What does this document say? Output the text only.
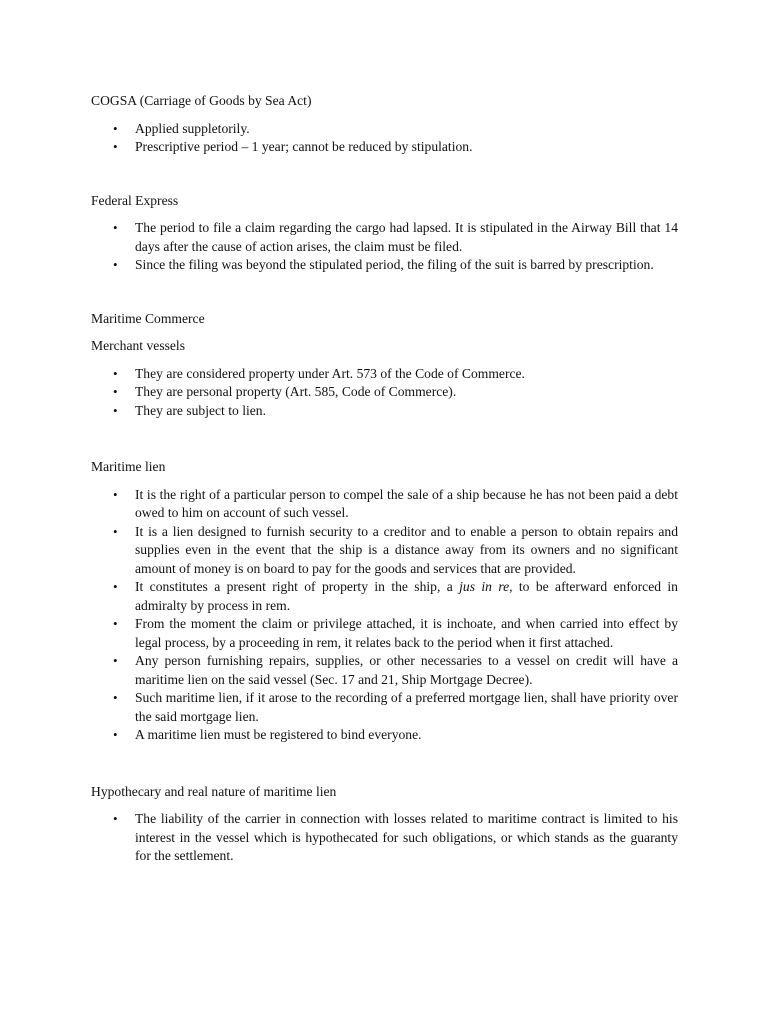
COGSA (Carriage of Goods by Sea Act)
• Applied suppletorily.
• Prescriptive period – 1 year; cannot be reduced by stipulation.
Federal Express
• The period to file a claim regarding the cargo had lapsed. It is stipulated in the Airway Bill that 14 days after the cause of action arises, the claim must be filed.
• Since the filing was beyond the stipulated period, the filing of the suit is barred by prescription.
Maritime Commerce
Merchant vessels
• They are considered property under Art. 573 of the Code of Commerce.
• They are personal property (Art. 585, Code of Commerce).
• They are subject to lien.
Maritime lien
• It is the right of a particular person to compel the sale of a ship because he has not been paid a debt owed to him on account of such vessel.
• It is a lien designed to furnish security to a creditor and to enable a person to obtain repairs and supplies even in the event that the ship is a distance away from its owners and no significant amount of money is on board to pay for the goods and services that are provided.
• It constitutes a present right of property in the ship, a jus in re, to be afterward enforced in admiralty by process in rem.
• From the moment the claim or privilege attached, it is inchoate, and when carried into effect by legal process, by a proceeding in rem, it relates back to the period when it first attached.
• Any person furnishing repairs, supplies, or other necessaries to a vessel on credit will have a maritime lien on the said vessel (Sec. 17 and 21, Ship Mortgage Decree).
• Such maritime lien, if it arose to the recording of a preferred mortgage lien, shall have priority over the said mortgage lien.
• A maritime lien must be registered to bind everyone.
Hypothecary and real nature of maritime lien
• The liability of the carrier in connection with losses related to maritime contract is limited to his interest in the vessel which is hypothecated for such obligations, or which stands as the guaranty for the settlement.
